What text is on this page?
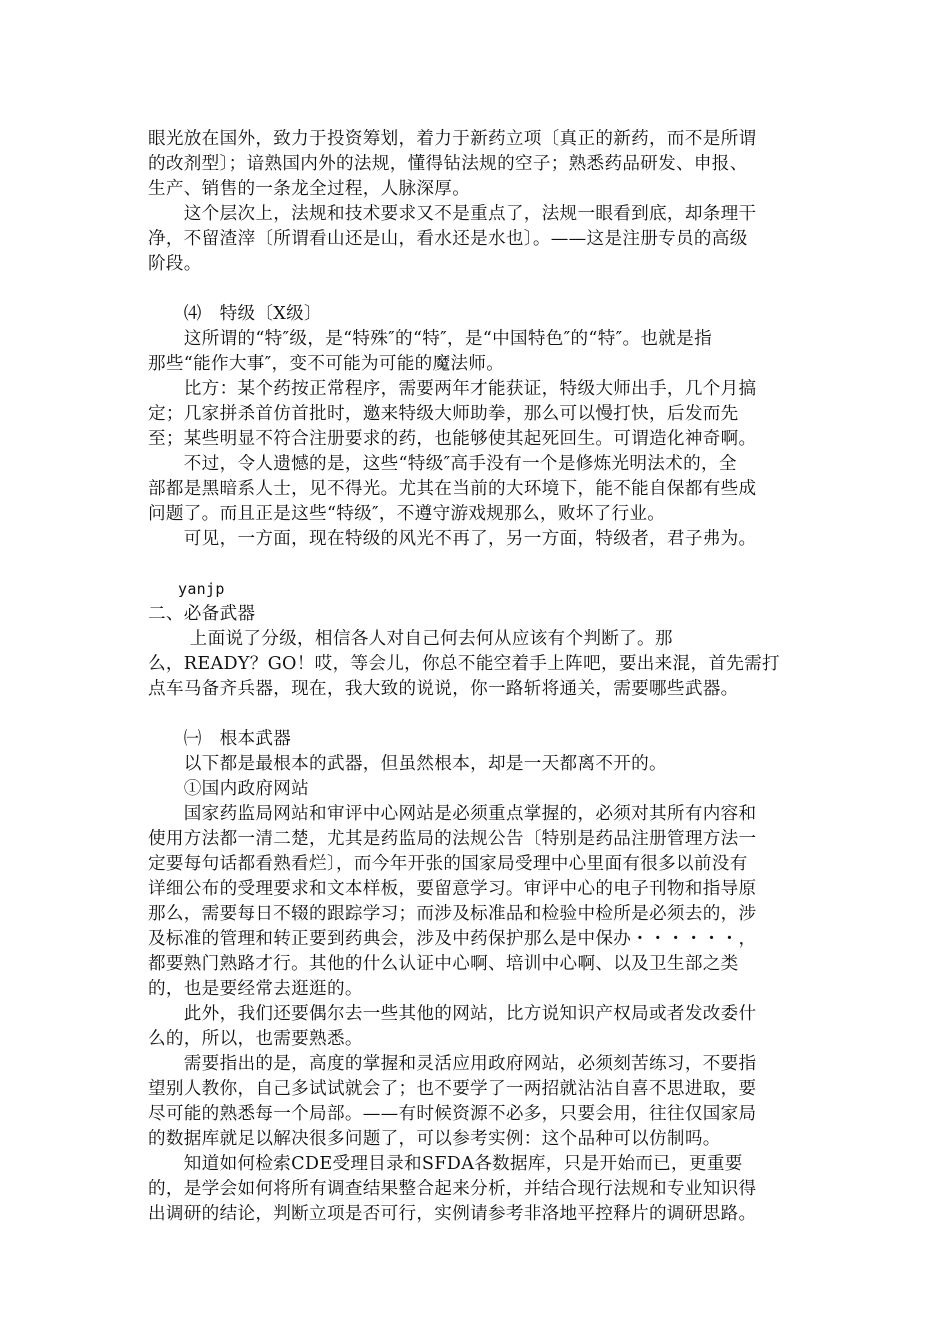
眼光放在国外，致力于投资筹划，着力于新药立项〔真正的新药，而不是所谓
的改剂型〕；谙熟国内外的法规，懂得钻法规的空子；熟悉药品研发、申报、
生产、销售的一条龙全过程，人脉深厚。
　　这个层次上，法规和技术要求又不是重点了，法规一眼看到底，却条理干
净，不留渣滓〔所谓看山还是山，看水还是水也〕。——这是注册专员的高级
阶段。
　　⑷　特级〔X级〕
　　这所谓的“特″级，是“特殊″的“特″，是“中国特色″的“特″。也就是指
那些“能作大事″，变不可能为可能的魔法师。
　　比方：某个药按正常程序，需要两年才能获证，特级大师出手，几个月搞
定；几家拼杀首仿首批时，邀来特级大师助拳，那么可以慢打快，后发而先
至；某些明显不符合注册要求的药，也能够使其起死回生。可谓造化神奇啊。
　　不过，令人遗憾的是，这些“特级″高手没有一个是修炼光明法术的，全
部都是黑暗系人士，见不得光。尤其在当前的大环境下，能不能自保都有些成
问题了。而且正是这些“特级″，不遵守游戏规那么，败坏了行业。
　　可见，一方面，现在特级的风光不再了，另一方面，特级者，君子弗为。
yanjp
二、必备武器
　　 上面说了分级，相信各人对自己何去何从应该有个判断了。那
么，READY？GO！哎，等会儿，你总不能空着手上阵吧，要出来混，首先需打
点车马备齐兵器，现在，我大致的说说，你一路斩将通关，需要哪些武器。
　　㈠　根本武器
　　以下都是最根本的武器，但虽然根本，却是一天都离不开的。
　　①国内政府网站
　　国家药监局网站和审评中心网站是必须重点掌握的，必须对其所有内容和
使用方法都一清二楚，尤其是药监局的法规公告〔特别是药品注册管理方法一
定要每句话都看熟看烂〕，而今年开张的国家局受理中心里面有很多以前没有
详细公布的受理要求和文本样板，要留意学习。审评中心的电子刊物和指导原
那么，需要每日不辍的跟踪学习；而涉及标准品和检验中检所是必须去的，涉
及标准的管理和转正要到药典会，涉及中药保护那么是中保办・・・・・・，
都要熟门熟路才行。其他的什么认证中心啊、培训中心啊、以及卫生部之类
的，也是要经常去逛逛的。
　　此外，我们还要偶尔去一些其他的网站，比方说知识产权局或者发改委什
么的，所以，也需要熟悉。
　　需要指出的是，高度的掌握和灵活应用政府网站，必须刻苦练习，不要指
望别人教你，自己多试试就会了；也不要学了一两招就沾沾自喜不思进取，要
尽可能的熟悉每一个局部。——有时候资源不必多，只要会用，往往仅国家局
的数据库就足以解决很多问题了，可以参考实例：这个品种可以仿制吗。
　　知道如何检索CDE受理目录和SFDA各数据库，只是开始而已，更重要
的，是学会如何将所有调查结果整合起来分析，并结合现行法规和专业知识得
出调研的结论，判断立项是否可行，实例请参考非洛地平控释片的调研思路。
